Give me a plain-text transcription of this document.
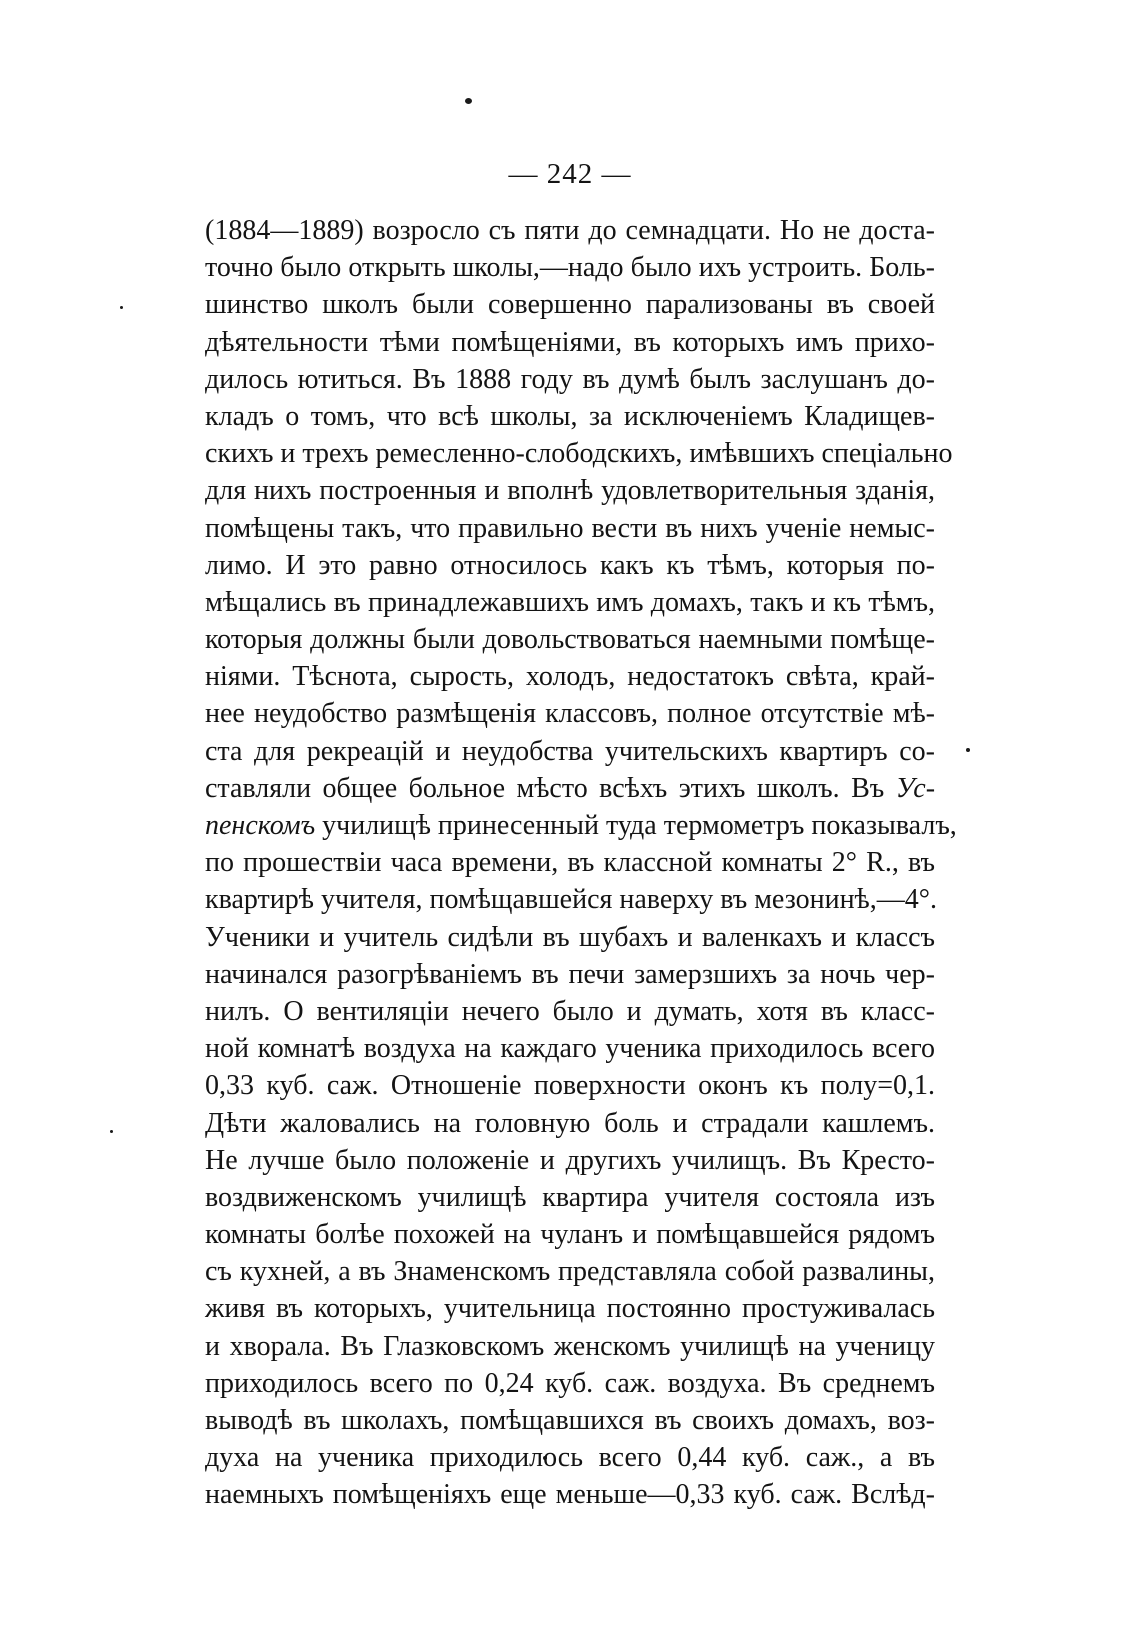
— 242 —
(1884—1889) возросло съ пяти до семнадцати. Но не доста-
точно было открыть школы,—надо было ихъ устроить. Боль-
шинство школъ были совершенно парализованы въ своей
дѣятельности тѣми помѣщеніями, въ которыхъ имъ прихо-
дилось ютиться. Въ 1888 году въ думѣ былъ заслушанъ до-
кладъ о томъ, что всѣ школы, за исключеніемъ Кладищев-
скихъ и трехъ ремесленно-слободскихъ, имѣвшихъ спеціально
для нихъ построенныя и вполнѣ удовлетворительныя зданія,
помѣщены такъ, что правильно вести въ нихъ ученіе немыс-
лимо. И это равно относилось какъ къ тѣмъ, которыя по-
мѣщались въ принадлежавшихъ имъ домахъ, такъ и къ тѣмъ,
которыя должны были довольствоваться наемными помѣще-
ніями. Тѣснота, сырость, холодъ, недостатокъ свѣта, край-
нее неудобство размѣщенія классовъ, полное отсутствіе мѣ-
ста для рекреацій и неудобства учительскихъ квартиръ со-
ставляли общее больное мѣсто всѣхъ этихъ школъ. Въ Ус-
пенскомъ училищѣ принесенный туда термометръ показывалъ,
по прошествіи часа времени, въ классной комнаты 2° R., въ
квартирѣ учителя, помѣщавшейся наверху въ мезонинѣ,—4°.
Ученики и учитель сидѣли въ шубахъ и валенкахъ и классъ
начинался разогрѣваніемъ въ печи замерзшихъ за ночь чер-
нилъ. О вентиляціи нечего было и думать, хотя въ класс-
ной комнатѣ воздуха на каждаго ученика приходилось всего
0,33 куб. саж. Отношеніе поверхности оконъ къ полу=0,1.
Дѣти жаловались на головную боль и страдали кашлемъ.
Не лучше было положеніе и другихъ училищъ. Въ Кресто-
воздвиженскомъ училищѣ квартира учителя состояла изъ
комнаты болѣе похожей на чуланъ и помѣщавшейся рядомъ
съ кухней, а въ Знаменскомъ представляла собой развалины,
живя въ которыхъ, учительница постоянно простуживалась
и хворала. Въ Глазковскомъ женскомъ училищѣ на ученицу
приходилось всего по 0,24 куб. саж. воздуха. Въ среднемъ
выводѣ въ школахъ, помѣщавшихся въ своихъ домахъ, воз-
духа на ученика приходилось всего 0,44 куб. саж., а въ
наемныхъ помѣщеніяхъ еще меньше—0,33 куб. саж. Вслѣд-
